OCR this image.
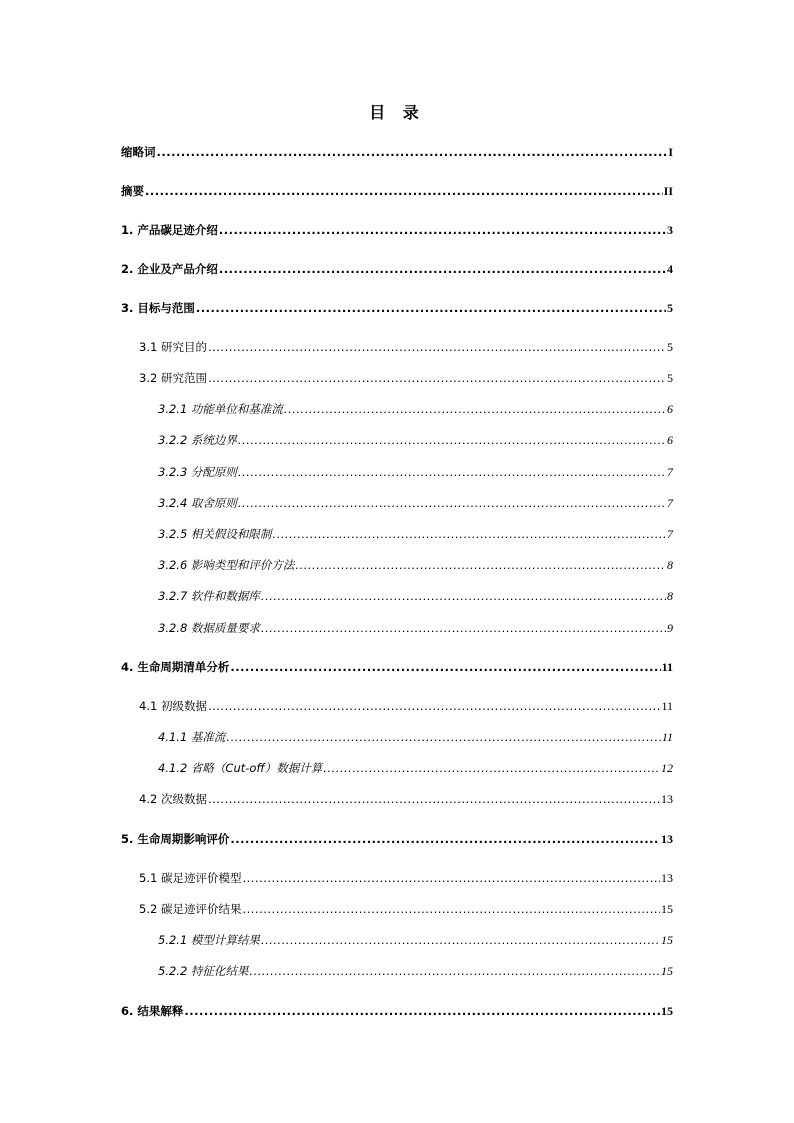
目 录
缩略词 .....	I
摘要 .....	II
1. 产品碳足迹介绍 .....	3
2. 企业及产品介绍 .....	4
3. 目标与范围 .....	5
3.1 研究目的 .....	5
3.2 研究范围 .....	5
3.2.1 功能单位和基准流 .....	6
3.2.2 系统边界 .....	6
3.2.3 分配原则 .....	7
3.2.4 取舍原则 .....	7
3.2.5 相关假设和限制 .....	7
3.2.6 影响类型和评价方法 .....	8
3.2.7 软件和数据库 .....	8
3.2.8 数据质量要求 .....	9
4. 生命周期清单分析 .....	11
4.1 初级数据 .....	11
4.1.1 基准流 .....	11
4.1.2 省略（Cut-off）数据计算 .....	12
4.2 次级数据 .....	13
5. 生命周期影响评价 .....	13
5.1 碳足迹评价模型 .....	13
5.2 碳足迹评价结果 .....	15
5.2.1 模型计算结果 .....	15
5.2.2 特征化结果 .....	15
6. 结果解释 .....	15
